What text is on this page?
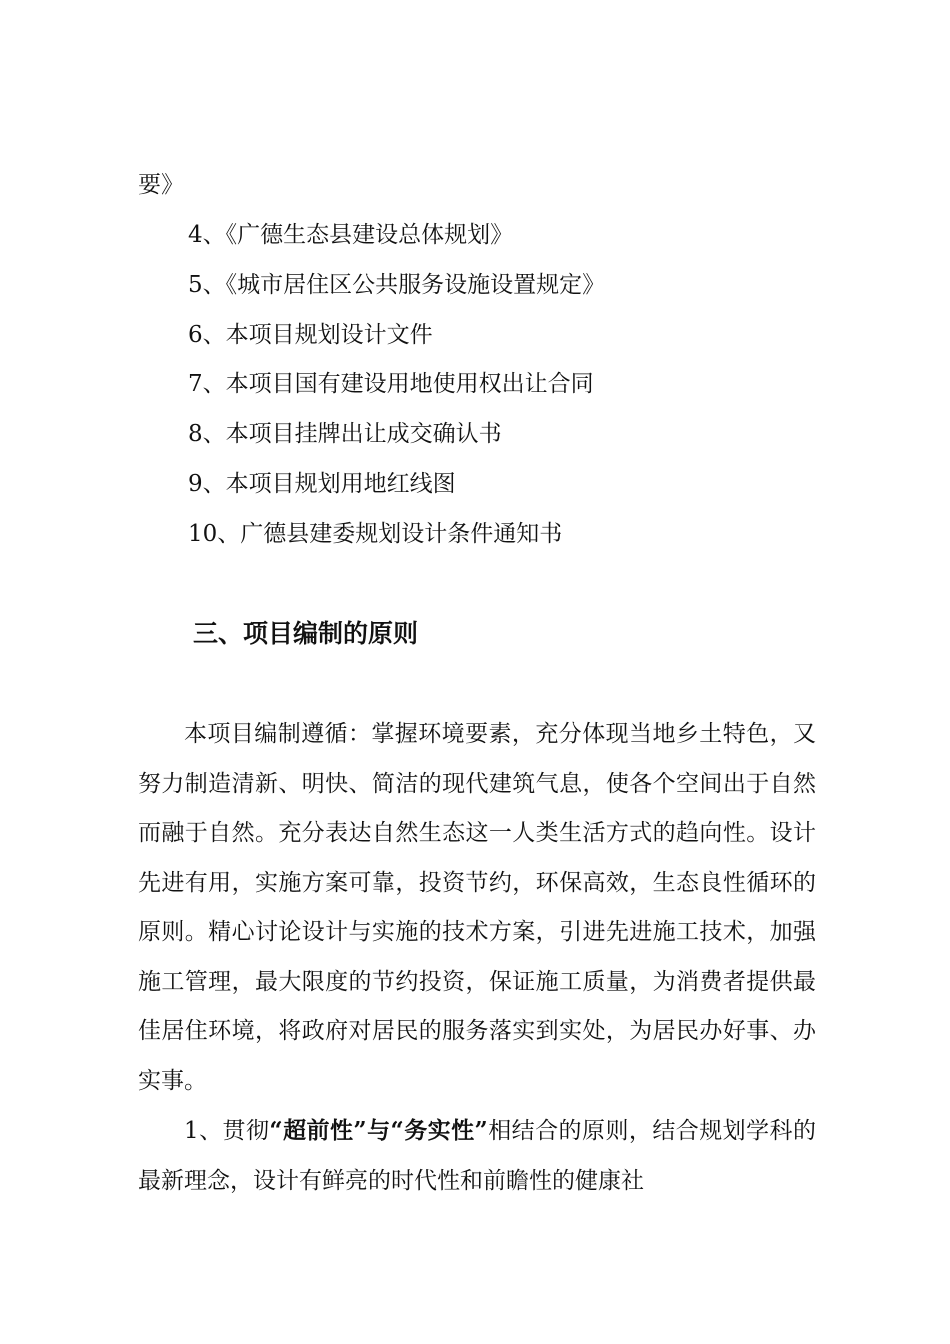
要》
4、《广德生态县建设总体规划》
5、《城市居住区公共服务设施设置规定》
6、本项目规划设计文件
7、本项目国有建设用地使用权出让合同
8、本项目挂牌出让成交确认书
9、本项目规划用地红线图
10、广德县建委规划设计条件通知书
三、项目编制的原则
本项目编制遵循：掌握环境要素，充分体现当地乡土特色，又努力制造清新、明快、简洁的现代建筑气息，使各个空间出于自然而融于自然。充分表达自然生态这一人类生活方式的趋向性。设计先进有用，实施方案可靠，投资节约，环保高效，生态良性循环的原则。精心讨论设计与实施的技术方案，引进先进施工技术，加强施工管理，最大限度的节约投资，保证施工质量，为消费者提供最佳居住环境，将政府对居民的服务落实到实处，为居民办好事、办实事。
1、贯彻“超前性”与“务实性”相结合的原则，结合规划学科的最新理念，设计有鲜亮的时代性和前瞻性的健康社
